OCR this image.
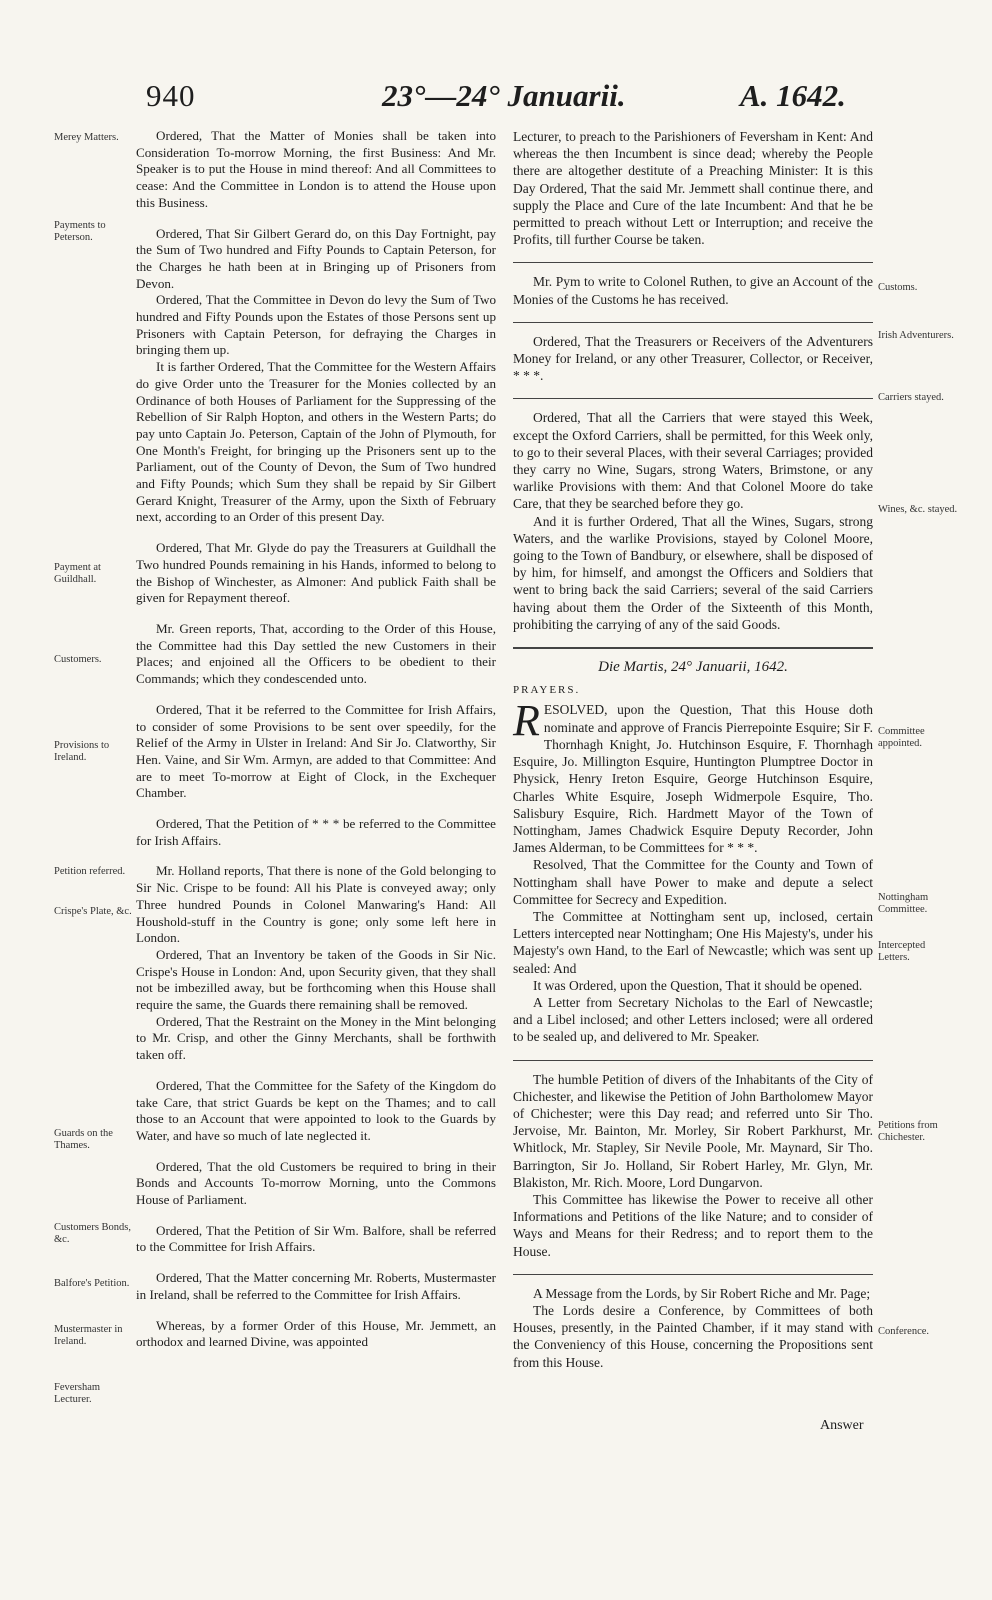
940	23°—24° Januarii.	A. 1642.

Ordered, That the Matter of Monies shall be taken into Consideration To-morrow Morning, the first Business: And Mr. Speaker is to put the House in mind thereof: And all Committees to cease: And the Committee in London is to attend the House upon this Business.

Ordered, That Sir Gilbert Gerard do, on this Day Fortnight, pay the Sum of Two hundred and Fifty Pounds to Captain Peterson, for the Charges he hath been at in Bringing up of Prisoners from Devon.

Ordered, That the Committee in Devon do levy the Sum of Two hundred and Fifty Pounds upon the Estates of those Persons sent up Prisoners with Captain Peterson, for defraying the Charges in bringing them up.

It is farther Ordered, That the Committee for the Western Affairs do give Order unto the Treasurer for the Monies collected by an Ordinance of both Houses of Parliament for the Suppressing of the Rebellion of Sir Ralph Hopton, and others in the Western Parts; do pay unto Captain Jo. Peterson, Captain of the John of Plymouth, for One Month's Freight, for bringing up the Prisoners sent up to the Parliament, out of the County of Devon, the Sum of Two hundred and Fifty Pounds; which Sum they shall be repaid by Sir Gilbert Gerard Knight, Treasurer of the Army, upon the Sixth of February next, according to an Order of this present Day.

Ordered, That Mr. Glyde do pay the Treasurers at Guildhall the Two hundred Pounds remaining in his Hands, informed to belong to the Bishop of Winchester, as Almoner: And publick Faith shall be given for Repayment thereof.

Mr. Green reports, That, according to the Order of this House, the Committee had this Day settled the new Customers in their Places; and enjoined all the Officers to be obedient to their Commands; which they condescended unto.

Ordered, That it be referred to the Committee for Irish Affairs, to consider of some Provisions to be sent over speedily, for the Relief of the Army in Ulster in Ireland: And Sir Jo. Clatworthy, Sir Hen. Vaine, and Sir Wm. Armyn, are added to that Committee: And are to meet To-morrow at Eight of Clock, in the Exchequer Chamber.

Ordered, That the Petition of * * * be referred to the Committee for Irish Affairs.

Mr. Holland reports, That there is none of the Gold belonging to Sir Nic. Crispe to be found: All his Plate is conveyed away; only Three hundred Pounds in Colonel Manwaring's Hand: All Houshold-stuff in the Country is gone; only some left here in London.

Ordered, That an Inventory be taken of the Goods in Sir Nic. Crispe's House in London: And, upon Security given, that they shall not be imbezilled away, but be forthcoming when this House shall require the same, the Guards there remaining shall be removed.

Ordered, That the Restraint on the Money in the Mint belonging to Mr. Crisp, and other the Ginny Merchants, shall be forthwith taken off.

Ordered, That the Committee for the Safety of the Kingdom do take Care, that strict Guards be kept on the Thames; and to call those to an Account that were appointed to look to the Guards by Water, and have so much of late neglected it.

Ordered, That the old Customers be required to bring in their Bonds and Accounts To-morrow Morning, unto the Commons House of Parliament.

Ordered, That the Petition of Sir Wm. Balfore, shall be referred to the Committee for Irish Affairs.

Ordered, That the Matter concerning Mr. Roberts, Mustermaster in Ireland, shall be referred to the Committee for Irish Affairs.

Whereas, by a former Order of this House, Mr. Jemmett, an orthodox and learned Divine, was appointed

Merey Matters.
Payments to Peterson.
Payment at Guildhall.
Customers.
Provisions to Ireland.
Petition referred.
Crispe's Plate, &c.
Guards on the Thames.
Customers Bonds, &c.
Balfore's Petition.
Mustermaster in Ireland.
Feversham Lecturer.

Lecturer, to preach to the Parishioners of Feversham in Kent: And whereas the then Incumbent is since dead; whereby the People there are altogether destitute of a Preaching Minister: It is this Day Ordered, That the said Mr. Jemmett shall continue there, and supply the Place and Cure of the late Incumbent: And that he be permitted to preach without Lett or Interruption; and receive the Profits, till further Course be taken.

Mr. Pym to write to Colonel Ruthen, to give an Account of the Monies of the Customs he has received.

Ordered, That the Treasurers or Receivers of the Adventurers Money for Ireland, or any other Treasurer, Collector, or Receiver, * * *.

Ordered, That all the Carriers that were stayed this Week, except the Oxford Carriers, shall be permitted, for this Week only, to go to their several Places, with their several Carriages; provided they carry no Wine, Sugars, strong Waters, Brimstone, or any warlike Provisions with them: And that Colonel Moore do take Care, that they be searched before they go.

And it is further Ordered, That all the Wines, Sugars, strong Waters, and the warlike Provisions, stayed by Colonel Moore, going to the Town of Bandbury, or elsewhere, shall be disposed of by him, for himself, and amongst the Officers and Soldiers that went to bring back the said Carriers; several of the said Carriers having about them the Order of the Sixteenth of this Month, prohibiting the carrying of any of the said Goods.

Die Martis, 24° Januarii, 1642.
PRAYERS.
R ESOLVED, upon the Question, That this House doth nominate and approve of Francis Pierrepointe Esquire; Sir F. Thornhagh Knight, Jo. Hutchinson Esquire, F. Thornhagh Esquire, Jo. Millington Esquire, Huntington Plumptree Doctor in Physick, Henry Ireton Esquire, George Hutchinson Esquire, Charles White Esquire, Joseph Widmerpole Esquire, Tho. Salisbury Esquire, Rich. Hardmett Mayor of the Town of Nottingham, James Chadwick Esquire Deputy Recorder, John James Alderman, to be Committees for * * *.

Resolved, That the Committee for the County and Town of Nottingham shall have Power to make and depute a select Committee for Secrecy and Expedition.

The Committee at Nottingham sent up, inclosed, certain Letters intercepted near Nottingham; One His Majesty's, under his Majesty's own Hand, to the Earl of Newcastle; which was sent up sealed: And

It was Ordered, upon the Question, That it should be opened.

A Letter from Secretary Nicholas to the Earl of Newcastle; and a Libel inclosed; and other Letters inclosed; were all ordered to be sealed up, and delivered to Mr. Speaker.

The humble Petition of divers of the Inhabitants of the City of Chichester, and likewise the Petition of John Bartholomew Mayor of Chichester; were this Day read; and referred unto Sir Tho. Jervoise, Mr. Bainton, Mr. Morley, Sir Robert Parkhurst, Mr. Whitlock, Mr. Stapley, Sir Nevile Poole, Mr. Maynard, Sir Tho. Barrington, Sir Jo. Holland, Sir Robert Harley, Mr. Glyn, Mr. Blakiston, Mr. Rich. Moore, Lord Dungarvon.

This Committee has likewise the Power to receive all other Informations and Petitions of the like Nature; and to consider of Ways and Means for their Redress; and to report them to the House.

A Message from the Lords, by Sir Robert Riche and Mr. Page;

The Lords desire a Conference, by Committees of both Houses, presently, in the Painted Chamber, if it may stand with the Conveniency of this House, concerning the Propositions sent from this House.

Customs.
Irish Adventurers.
Carriers stayed.
Wines, &c. stayed.
Committee appointed.
Nottingham Committee.
Intercepted Letters.
Petitions from Chichester.
Conference.
Answer
